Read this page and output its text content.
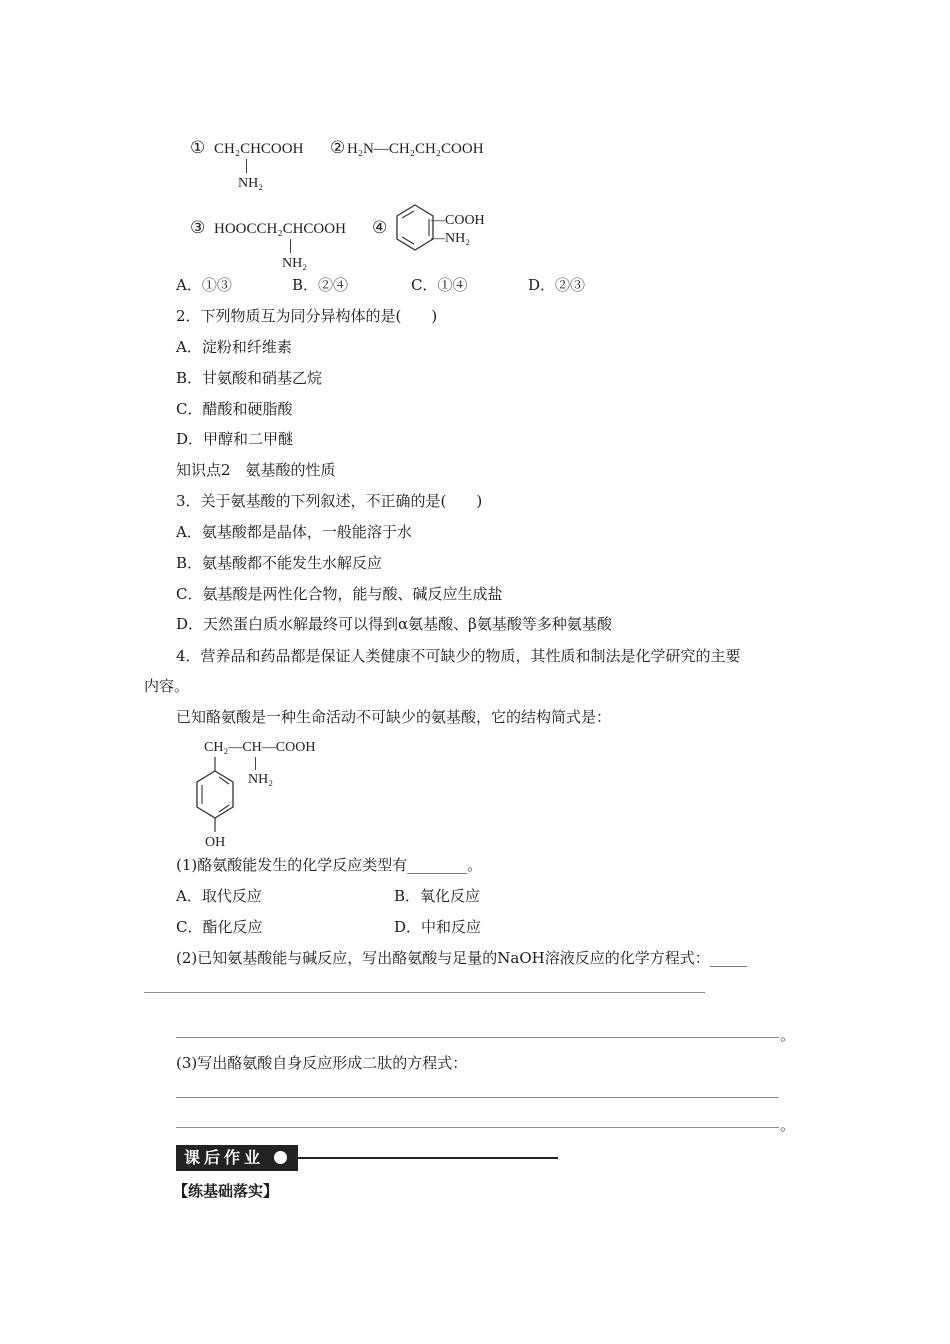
① CH₂CHCOOH
NH₂
② H₂N—CH₂CH₂COOH
③ HOOCCH₂CHCOOH
NH₂
④	—COOH
—NH₂
A．①③	B．②④	C．①④	D．②③
2．下列物质互为同分异构体的是(　　)
A．淀粉和纤维素
B．甘氨酸和硝基乙烷
C．醋酸和硬脂酸
D．甲醇和二甲醚
知识点2　氨基酸的性质
3．关于氨基酸的下列叙述，不正确的是(　　)
A．氨基酸都是晶体，一般能溶于水
B．氨基酸都不能发生水解反应
C．氨基酸是两性化合物，能与酸、碱反应生成盐
D．天然蛋白质水解最终可以得到α氨基酸、β氨基酸等多种氨基酸
4．营养品和药品都是保证人类健康不可缺少的物质，其性质和制法是化学研究的主要
内容。
已知酪氨酸是一种生命活动不可缺少的氨基酸，它的结构简式是：
CH₂—CH—COOH
NH₂
OH
(1)酪氨酸能发生的化学反应类型有________。
A．取代反应	B．氧化反应
C．酯化反应	D．中和反应
(2)已知氨基酸能与碱反应，写出酪氨酸与足量的NaOH溶液反应的化学方程式：_____
。
(3)写出酪氨酸自身反应形成二肽的方程式：
。
课后作业
【练基础落实】
